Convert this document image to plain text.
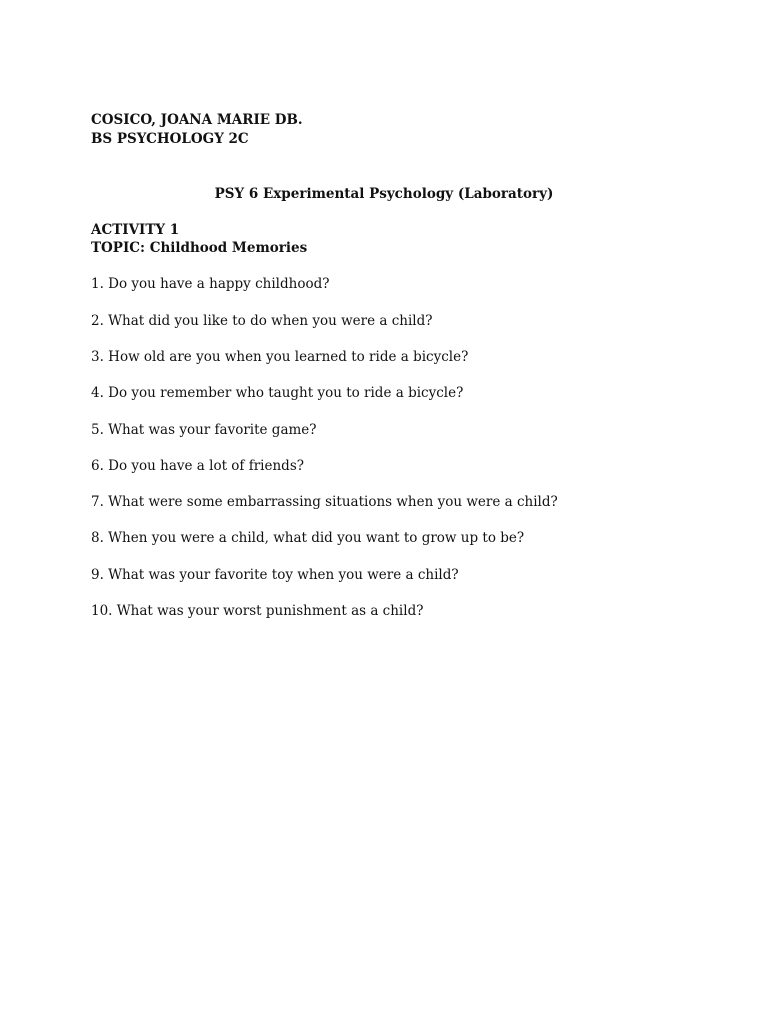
COSICO, JOANA MARIE DB.
BS PSYCHOLOGY 2C
PSY 6 Experimental Psychology (Laboratory)
ACTIVITY 1
TOPIC: Childhood Memories
1. Do you have a happy childhood?
2. What did you like to do when you were a child?
3. How old are you when you learned to ride a bicycle?
4. Do you remember who taught you to ride a bicycle?
5. What was your favorite game?
6. Do you have a lot of friends?
7. What were some embarrassing situations when you were a child?
8. When you were a child, what did you want to grow up to be?
9. What was your favorite toy when you were a child?
10. What was your worst punishment as a child?
